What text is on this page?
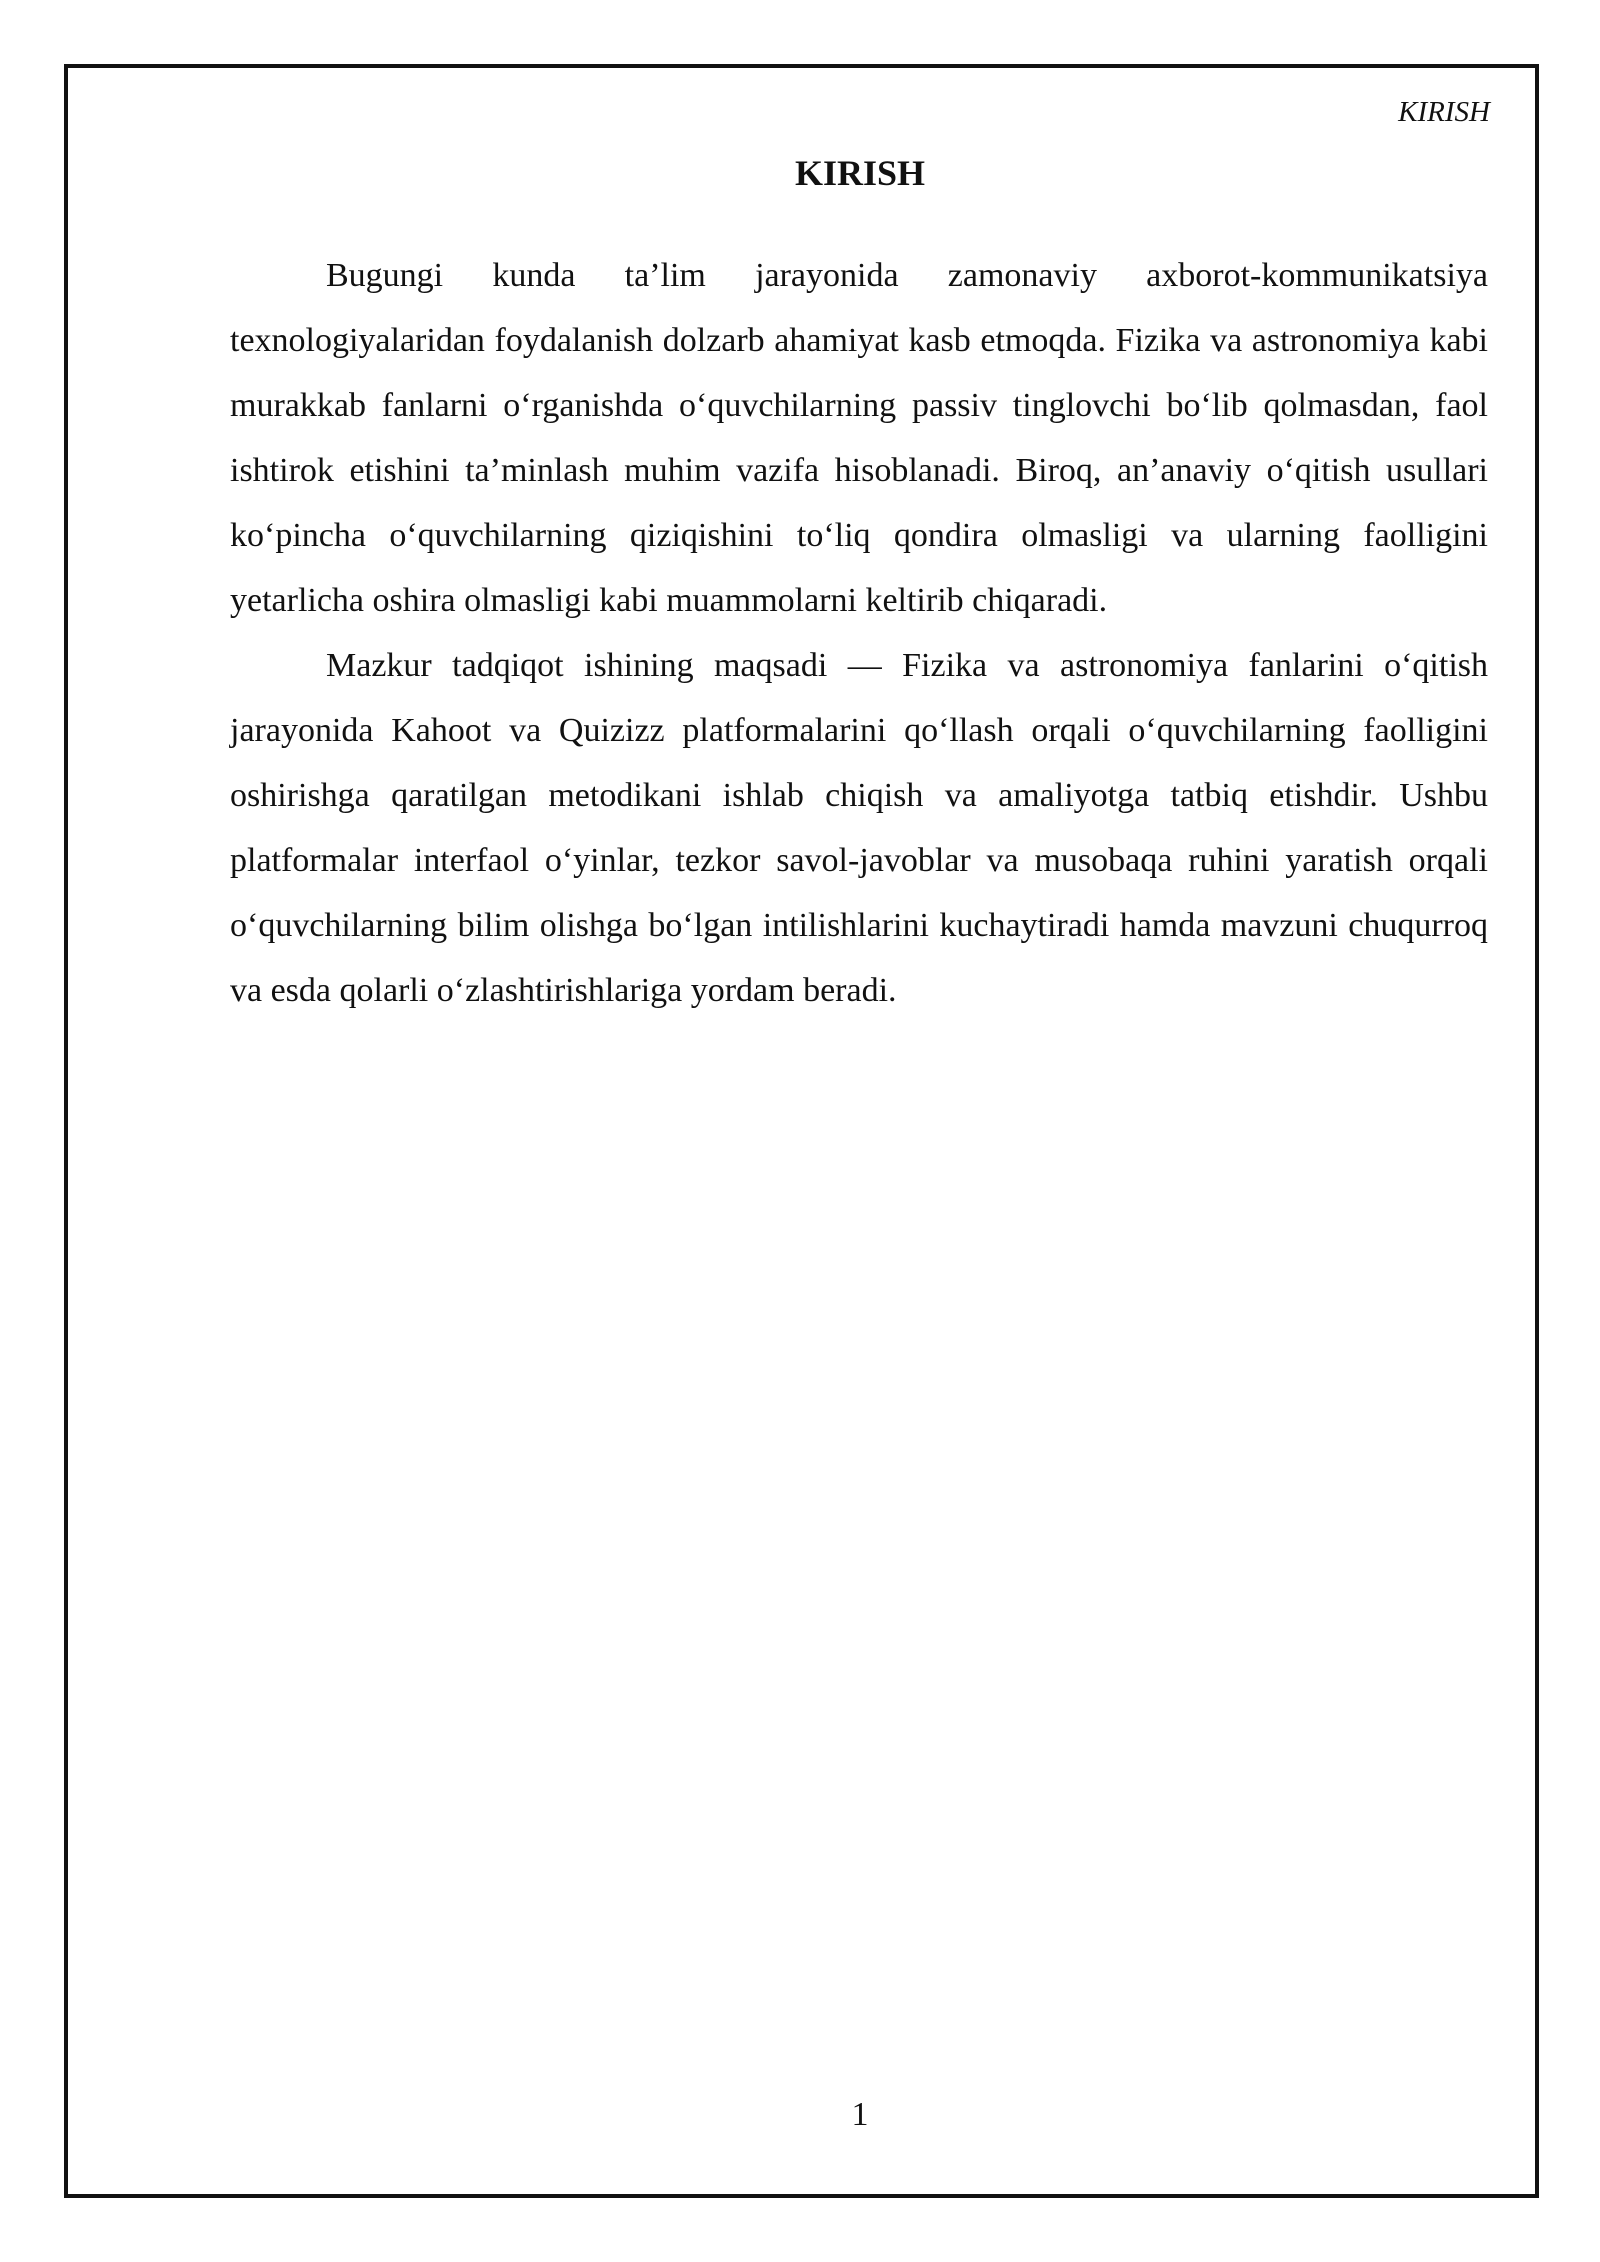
KIRISH
KIRISH

Bugungi kunda ta’lim jarayonida zamonaviy axborot-kommunikatsiya texnologiyalaridan foydalanish dolzarb ahamiyat kasb etmoqda. Fizika va astronomiya kabi murakkab fanlarni o‘rganishda o‘quvchilarning passiv tinglovchi bo‘lib qolmasdan, faol ishtirok etishini ta’minlash muhim vazifa hisoblanadi. Biroq, an’anaviy o‘qitish usullari ko‘pincha o‘quvchilarning qiziqishini to‘liq qondira olmasligi va ularning faolligini yetarlicha oshira olmasligi kabi muammolarni keltirib chiqaradi.

Mazkur tadqiqot ishining maqsadi — Fizika va astronomiya fanlarini o‘qitish jarayonida Kahoot va Quizizz platformalarini qo‘llash orqali o‘quvchilarning faolligini oshirishga qaratilgan metodikani ishlab chiqish va amaliyotga tatbiq etishdir. Ushbu platformalar interfaol o‘yinlar, tezkor savol-javoblar va musobaqa ruhini yaratish orqali o‘quvchilarning bilim olishga bo‘lgan intilishlarini kuchaytiradi hamda mavzuni chuqurroq va esda qolarli o‘zlashtirishlariga yordam beradi.

1
